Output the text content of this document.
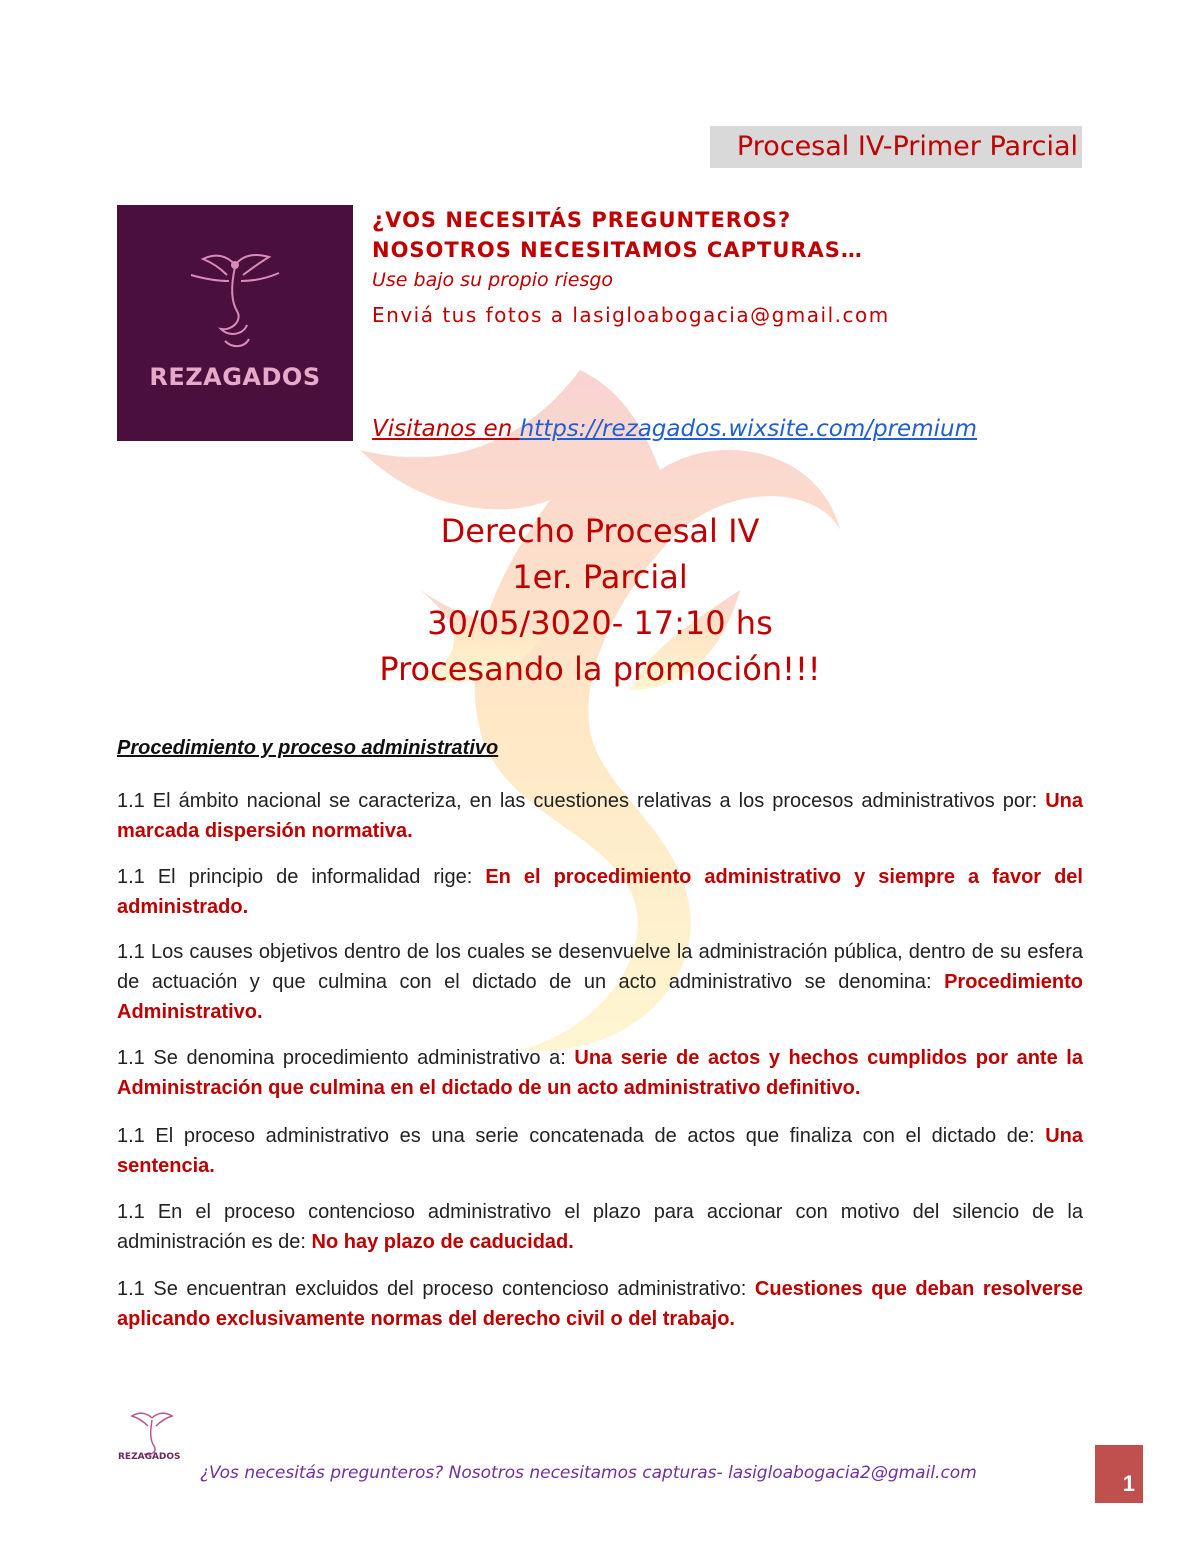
Procesal IV-Primer Parcial
REZAGADOS
¿VOS NECESITÁS PREGUNTEROS?
NOSOTROS NECESITAMOS CAPTURAS…
Use bajo su propio riesgo
Enviá tus fotos a lasigloabogacia@gmail.com
Visitanos en https://rezagados.wixsite.com/premium
Derecho Procesal IV
1er. Parcial
30/05/3020- 17:10 hs
Procesando la promoción!!!
Procedimiento y proceso administrativo
1.1 El ámbito nacional se caracteriza, en las cuestiones relativas a los procesos administrativos por: Una marcada dispersión normativa.
1.1 El principio de informalidad rige: En el procedimiento administrativo y siempre a favor del administrado.
1.1 Los causes objetivos dentro de los cuales se desenvuelve la administración pública, dentro de su esfera de actuación y que culmina con el dictado de un acto administrativo se denomina: Procedimiento Administrativo.
1.1 Se denomina procedimiento administrativo a: Una serie de actos y hechos cumplidos por ante la Administración que culmina en el dictado de un acto administrativo definitivo.
1.1 El proceso administrativo es una serie concatenada de actos que finaliza con el dictado de: Una sentencia.
1.1 En el proceso contencioso administrativo el plazo para accionar con motivo del silencio de la administración es de: No hay plazo de caducidad.
1.1 Se encuentran excluidos del proceso contencioso administrativo: Cuestiones que deban resolverse aplicando exclusivamente normas del derecho civil o del trabajo.
REZAGADOS
¿Vos necesitás pregunteros? Nosotros necesitamos capturas- lasigloabogacia2@gmail.com	1
